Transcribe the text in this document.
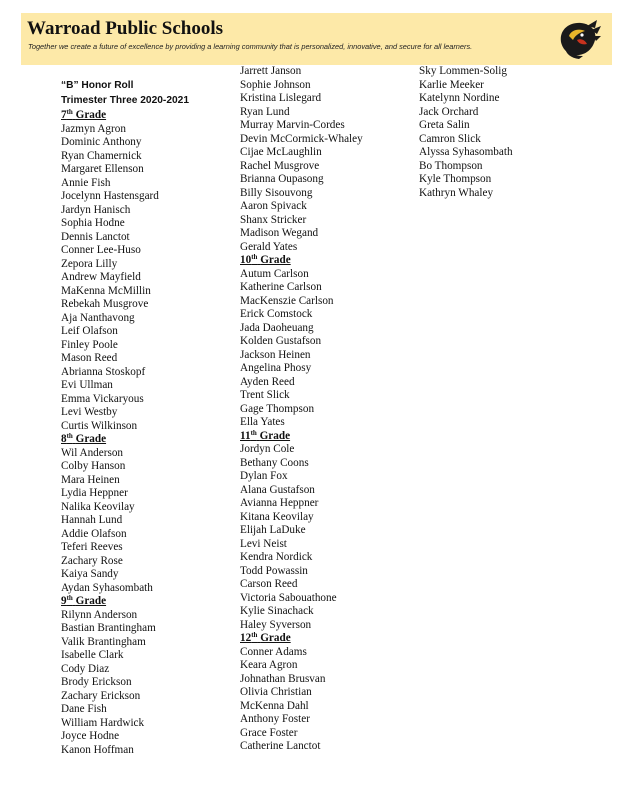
Warroad Public Schools
Together we create a future of excellence by providing a learning community that is personalized, innovative, and secure for all learners.
“B” Honor Roll
Trimester Three 2020-2021
7th Grade
Jazmyn Agron
Dominic Anthony
Ryan Chamernick
Margaret Ellenson
Annie Fish
Jocelynn Hastensgard
Jardyn Hanisch
Sophia Hodne
Dennis Lanctot
Conner Lee-Huso
Zepora Lilly
Andrew Mayfield
MaKenna McMillin
Rebekah Musgrove
Aja Nanthavong
Leif Olafson
Finley Poole
Mason Reed
Abrianna Stoskopf
Evi Ullman
Emma Vickaryous
Levi Westby
Curtis Wilkinson
8th Grade
Wil Anderson
Colby Hanson
Mara Heinen
Lydia Heppner
Nalika Keovilay
Hannah Lund
Addie Olafson
Teferi Reeves
Zachary Rose
Kaiya Sandy
Aydan Syhasombath
9th Grade
Rilynn Anderson
Bastian Brantingham
Valik Brantingham
Isabelle Clark
Cody Diaz
Brody Erickson
Zachary Erickson
Dane Fish
William Hardwick
Joyce Hodne
Kanon Hoffman
Jarrett Janson
Sophie Johnson
Kristina Lislegard
Ryan Lund
Murray Marvin-Cordes
Devin McCormick-Whaley
Cijae McLaughlin
Rachel Musgrove
Brianna Oupasong
Billy Sisouvong
Aaron Spivack
Shanx Stricker
Madison Wegand
Gerald Yates
10th Grade
Autum Carlson
Katherine Carlson
MacKenszie Carlson
Erick Comstock
Jada Daoheuang
Kolden Gustafson
Jackson Heinen
Angelina Phosy
Ayden Reed
Trent Slick
Gage Thompson
Ella Yates
11th Grade
Jordyn Cole
Bethany Coons
Dylan Fox
Alana Gustafson
Avianna Heppner
Kitana Keovilay
Elijah LaDuke
Levi Neist
Kendra Nordick
Todd Powassin
Carson Reed
Victoria Sabouathone
Kylie Sinachack
Haley Syverson
12th Grade
Conner Adams
Keara Agron
Johnathan Brusvan
Olivia Christian
McKenna Dahl
Anthony Foster
Grace Foster
Catherine Lanctot
Sky Lommen-Solig
Karlie Meeker
Katelynn Nordine
Jack Orchard
Greta Salin
Camron Slick
Alyssa Syhasombath
Bo Thompson
Kyle Thompson
Kathryn Whaley
